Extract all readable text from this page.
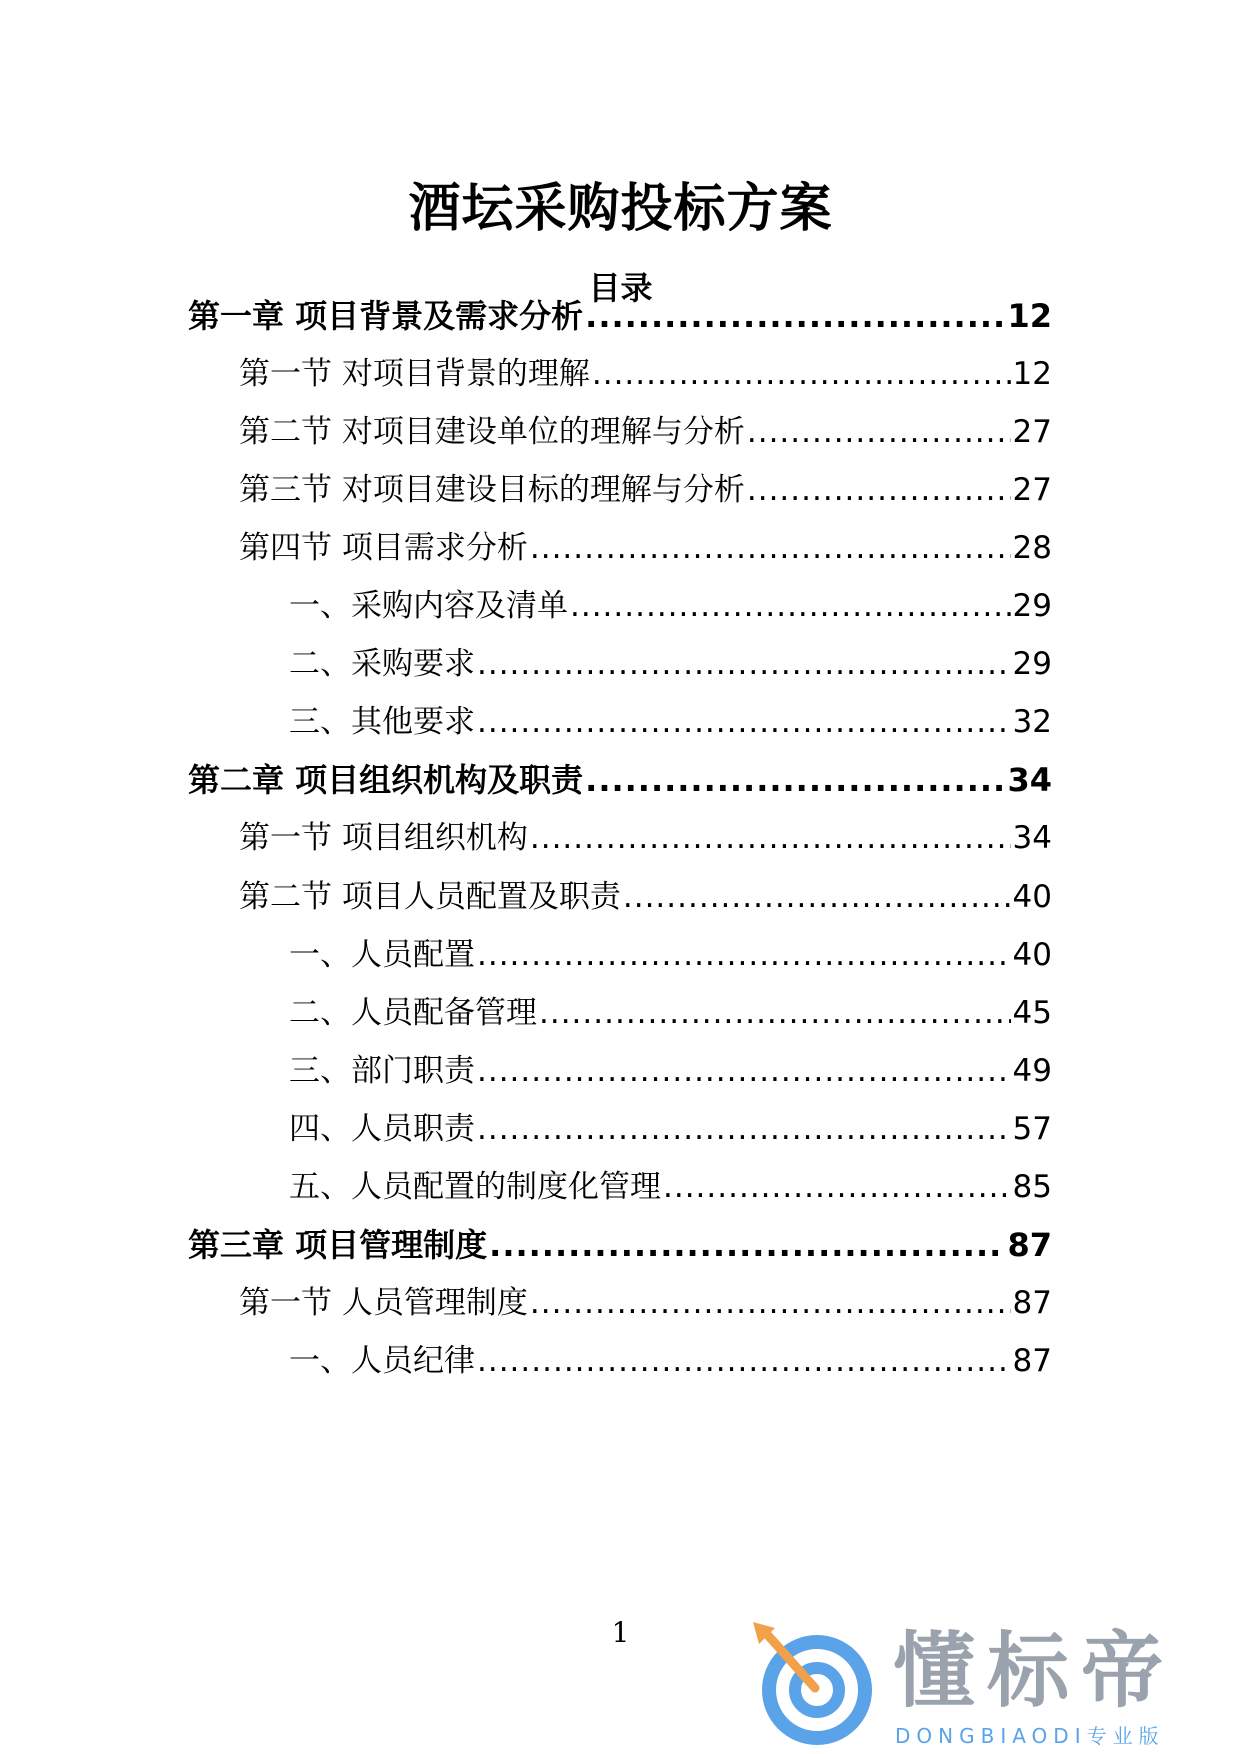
酒坛采购投标方案
目录
第一章 项目背景及需求分析 .....	12
第一节 对项目背景的理解 .....	12
第二节 对项目建设单位的理解与分析 .....	27
第三节 对项目建设目标的理解与分析 .....	27
第四节 项目需求分析 .....	28
一、采购内容及清单 .....	29
二、采购要求 .....	29
三、其他要求 .....	32
第二章 项目组织机构及职责 .....	34
第一节 项目组织机构 .....	34
第二节 项目人员配置及职责 .....	40
一、人员配置 .....	40
二、人员配备管理 .....	45
三、部门职责 .....	49
四、人员职责 .....	57
五、人员配置的制度化管理 .....	85
第三章 项目管理制度 .....	87
第一节 人员管理制度 .....	87
一、人员纪律 .....	87
1	懂标帝
DONGBIAODI专业版
